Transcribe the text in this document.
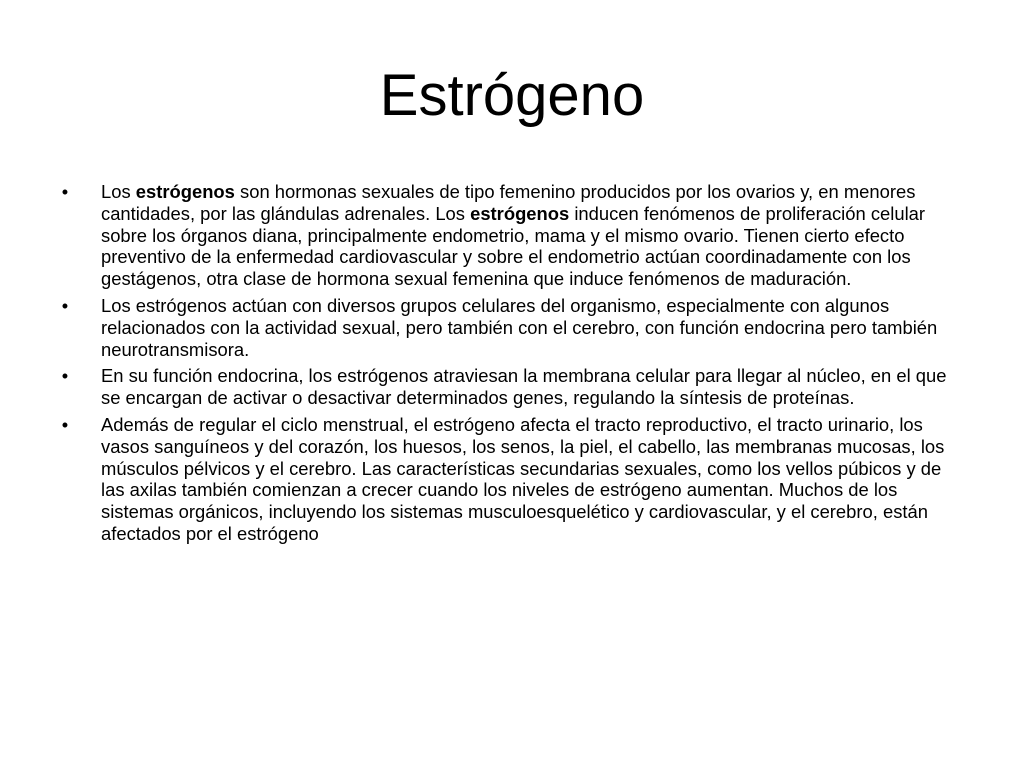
Estrógeno
• Los estrógenos son hormonas sexuales de tipo femenino producidos por los ovarios y, en menores cantidades, por las glándulas adrenales. Los estrógenos inducen fenómenos de proliferación celular sobre los órganos diana, principalmente endometrio, mama y el mismo ovario. Tienen cierto efecto preventivo de la enfermedad cardiovascular y sobre el endometrio actúan coordinadamente con los gestágenos, otra clase de hormona sexual femenina que induce fenómenos de maduración.
• Los estrógenos actúan con diversos grupos celulares del organismo, especialmente con algunos relacionados con la actividad sexual, pero también con el cerebro, con función endocrina pero también neurotransmisora.
• En su función endocrina, los estrógenos atraviesan la membrana celular para llegar al núcleo, en el que se encargan de activar o desactivar determinados genes, regulando la síntesis de proteínas.
• Además de regular el ciclo menstrual, el estrógeno afecta el tracto reproductivo, el tracto urinario, los vasos sanguíneos y del corazón, los huesos, los senos, la piel, el cabello, las membranas mucosas, los músculos pélvicos y el cerebro. Las características secundarias sexuales, como los vellos púbicos y de las axilas también comienzan a crecer cuando los niveles de estrógeno aumentan. Muchos de los sistemas orgánicos, incluyendo los sistemas musculoesquelético y cardiovascular, y el cerebro, están afectados por el estrógeno
